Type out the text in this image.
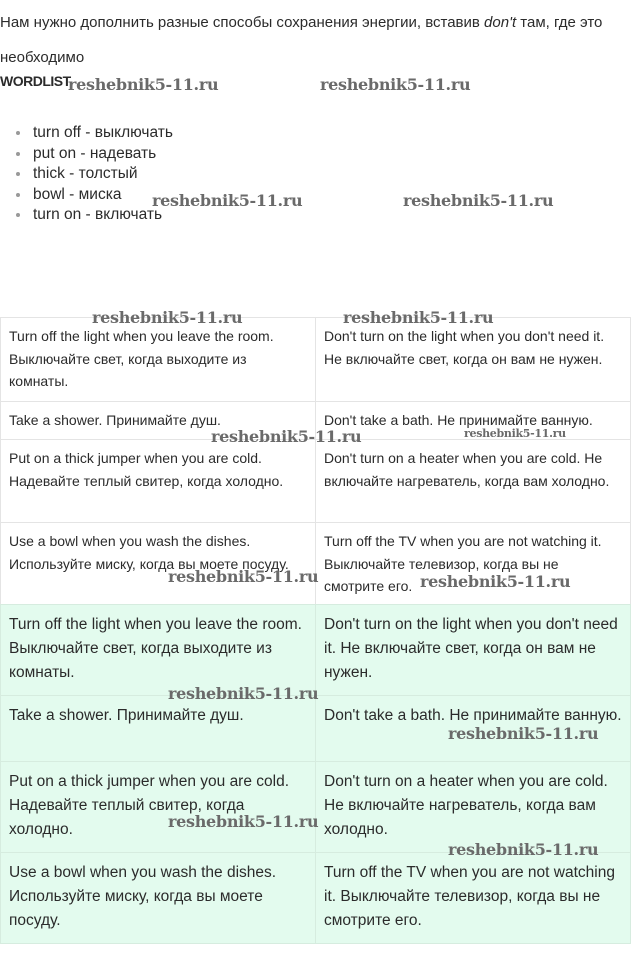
Нам нужно дополнить разные способы сохранения энергии, вставив don't там, где это необходимо

WORDLIST
turn off - выключать
put on - надевать
thick - толстый
bowl - миска
turn on - включать
Turn off the light when you leave the room. Выключайте свет, когда выходите из комнаты.	Don't turn on the light when you don't need it. Не включайте свет, когда он вам не нужен.
Take a shower. Принимайте душ.	Don't take a bath. Не принимайте ванную.
Put on a thick jumper when you are cold. Надевайте теплый свитер, когда холодно.	Don't turn on a heater when you are cold. Не включайте нагреватель, когда вам холодно.
Use a bowl when you wash the dishes. Используйте миску, когда вы моете посуду.	Turn off the TV when you are not watching it. Выключайте телевизор, когда вы не смотрите его.
Turn off the light when you leave the room. Выключайте свет, когда выходите из комнаты.	Don't turn on the light when you don't need it. Не включайте свет, когда он вам не нужен.
Take a shower. Принимайте душ.	Don't take a bath. Не принимайте ванную.
Put on a thick jumper when you are cold. Надевайте теплый свитер, когда холодно.	Don't turn on a heater when you are cold. Не включайте нагреватель, когда вам холодно.
Use a bowl when you wash the dishes. Используйте миску, когда вы моете посуду.	Turn off the TV when you are not watching it. Выключайте телевизор, когда вы не смотрите его.
reshebnik5-11.ru	reshebnik5-11.ru
reshebnik5-11.ru	reshebnik5-11.ru
reshebnik5-11.ru	reshebnik5-11.ru
reshebnik5-11.ru	reshebnik5-11.ru
reshebnik5-11.ru	reshebnik5-11.ru
reshebnik5-11.ru
reshebnik5-11.ru
reshebnik5-11.ru
reshebnik5-11.ru
